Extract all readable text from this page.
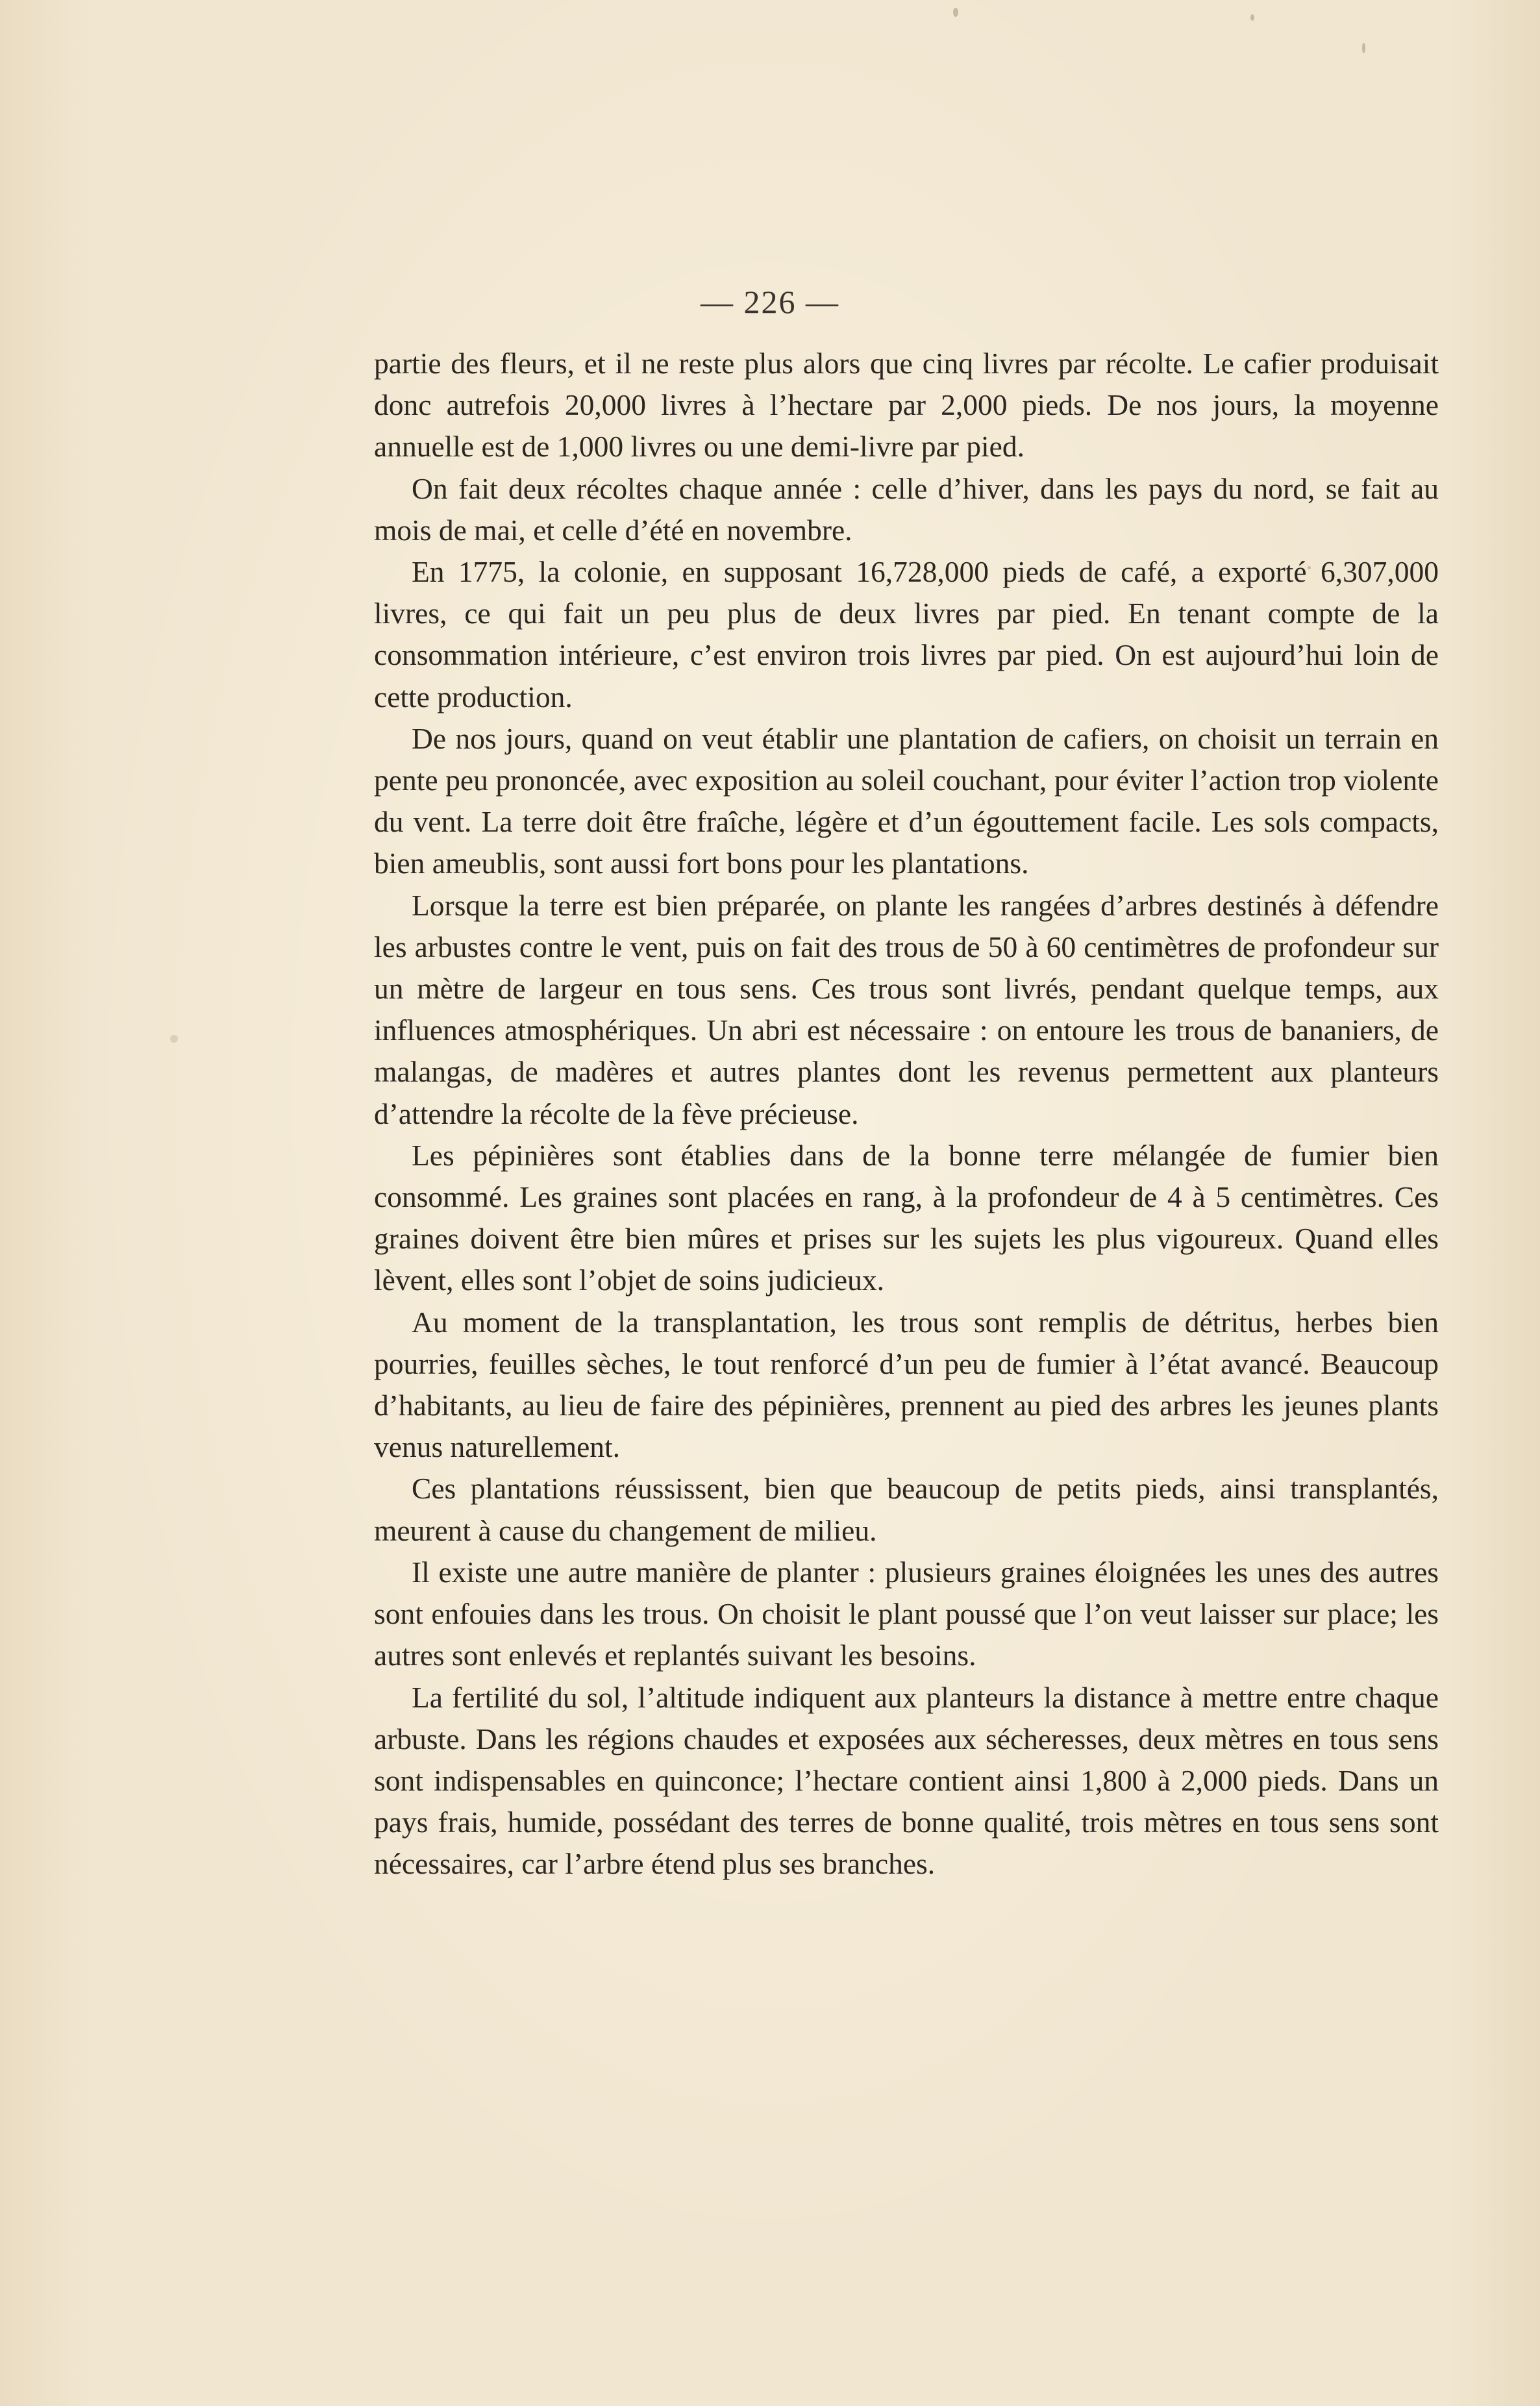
— 226 —

partie des fleurs, et il ne reste plus alors que cinq livres par récolte. Le cafier produisait donc autrefois 20,000 livres à l’hectare par 2,000 pieds. De nos jours, la moyenne annuelle est de 1,000 livres ou une demi-livre par pied.

On fait deux récoltes chaque année : celle d’hiver, dans les pays du nord, se fait au mois de mai, et celle d’été en novembre.

En 1775, la colonie, en supposant 16,728,000 pieds de café, a exporté 6,307,000 livres, ce qui fait un peu plus de deux livres par pied. En tenant compte de la consommation intérieure, c’est environ trois livres par pied. On est aujourd’hui loin de cette production.

De nos jours, quand on veut établir une plantation de cafiers, on choisit un terrain en pente peu prononcée, avec exposition au soleil couchant, pour éviter l’action trop violente du vent. La terre doit être fraîche, légère et d’un égouttement facile. Les sols compacts, bien ameublis, sont aussi fort bons pour les plantations.

Lorsque la terre est bien préparée, on plante les rangées d’arbres destinés à défendre les arbustes contre le vent, puis on fait des trous de 50 à 60 centimètres de profondeur sur un mètre de largeur en tous sens. Ces trous sont livrés, pendant quelque temps, aux influences atmosphériques. Un abri est nécessaire : on entoure les trous de bananiers, de malangas, de madères et autres plantes dont les revenus permettent aux planteurs d’attendre la récolte de la fève précieuse.

Les pépinières sont établies dans de la bonne terre mélangée de fumier bien consommé. Les graines sont placées en rang, à la profondeur de 4 à 5 centimètres. Ces graines doivent être bien mûres et prises sur les sujets les plus vigoureux. Quand elles lèvent, elles sont l’objet de soins judicieux.

Au moment de la transplantation, les trous sont remplis de détritus, herbes bien pourries, feuilles sèches, le tout renforcé d’un peu de fumier à l’état avancé. Beaucoup d’habitants, au lieu de faire des pépinières, prennent au pied des arbres les jeunes plants venus naturellement.

Ces plantations réussissent, bien que beaucoup de petits pieds, ainsi transplantés, meurent à cause du changement de milieu.

Il existe une autre manière de planter : plusieurs graines éloignées les unes des autres sont enfouies dans les trous. On choisit le plant poussé que l’on veut laisser sur place; les autres sont enlevés et replantés suivant les besoins.

La fertilité du sol, l’altitude indiquent aux planteurs la distance à mettre entre chaque arbuste. Dans les régions chaudes et exposées aux sécheresses, deux mètres en tous sens sont indispensables en quinconce; l’hectare contient ainsi 1,800 à 2,000 pieds. Dans un pays frais, humide, possédant des terres de bonne qualité, trois mètres en tous sens sont nécessaires, car l’arbre étend plus ses branches.
